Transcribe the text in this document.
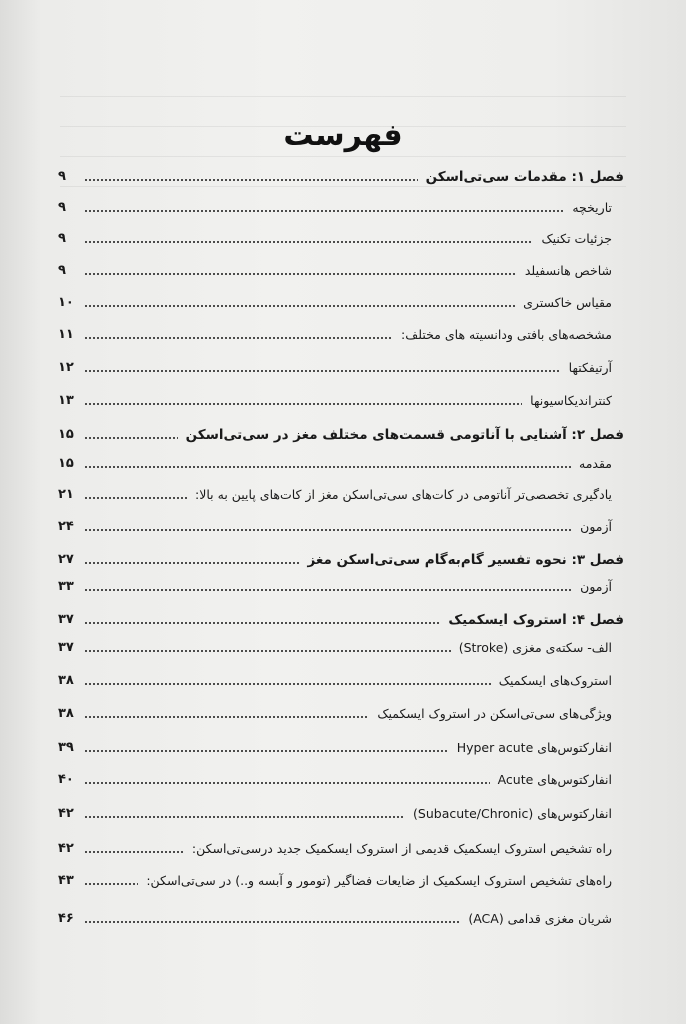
فهرست
فصل ۱: مقدمات سی‌تی‌اسکن
۹
تاریخچه
۹
جزئیات تکنیک
۹
شاخص هانسفیلد
۹
مقیاس خاکستری
۱۰
مشخصه‌های بافتی ودانسیته های مختلف:
۱۱
آرتیفکتها
۱۲
کنتراندیکاسیونها
۱۳
فصل ۲: آشنایی با آناتومی قسمت‌های مختلف مغز در سی‌تی‌اسکن
۱۵
مقدمه
۱۵
یادگیری تخصصی‌تر آناتومی در کات‌های سی‌تی‌اسکن مغز از کات‌های پایین به بالا:
۲۱
آزمون
۲۴
فصل ۳: نحوه تفسیر گام‌به‌گام سی‌تی‌اسکن مغز
۲۷
آزمون
۳۳
فصل ۴: استروک ایسکمیک
۳۷
الف- سکته‌ی مغزی (Stroke)
۳۷
استروک‌های ایسکمیک
۳۸
ویژگی‌های سی‌تی‌اسکن در استروک ایسکمیک
۳۸
انفارکتوس‌های Hyper acute
۳۹
انفارکتوس‌های Acute
۴۰
انفارکتوس‌های (Subacute/Chronic)
۴۲
راه تشخیص استروک ایسکمیک قدیمی از استروک ایسکمیک جدید درسی‌تی‌اسکن:
۴۲
راه‌های تشخیص استروک ایسکمیک از ضایعات فضاگیر (تومور و آبسه و..) در سی‌تی‌اسکن:
۴۳
شریان مغزی قدامی (ACA)
۴۶
